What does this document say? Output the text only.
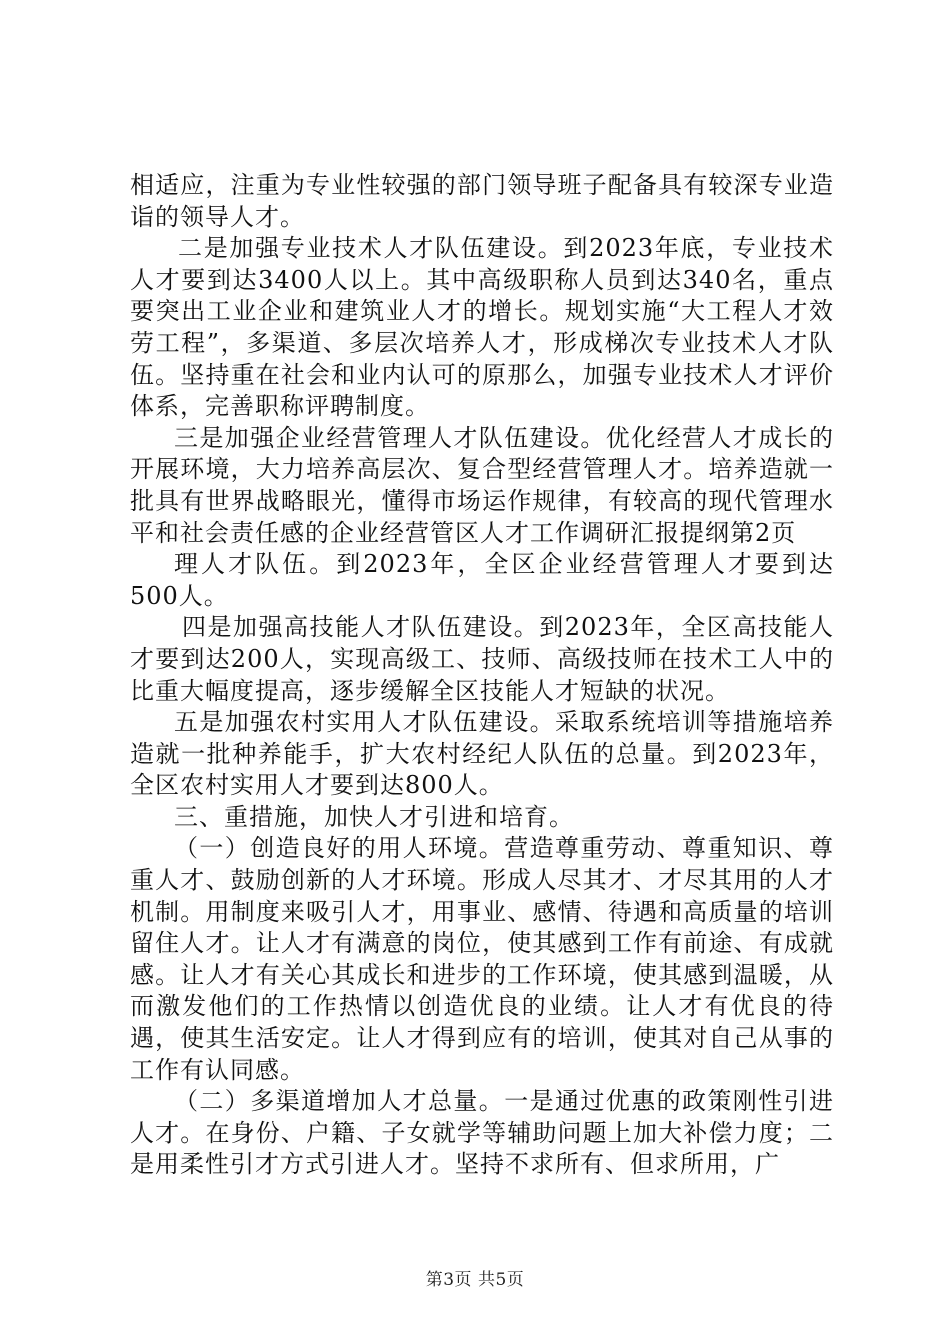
相适应，注重为专业性较强的部门领导班子配备具有较深专业造诣的领导人才。

二是加强专业技术人才队伍建设。到2023年底，专业技术人才要到达3400人以上。其中高级职称人员到达340名，重点要突出工业企业和建筑业人才的增长。规划实施“大工程人才效劳工程”，多渠道、多层次培养人才，形成梯次专业技术人才队伍。坚持重在社会和业内认可的原那么，加强专业技术人才评价体系，完善职称评聘制度。

三是加强企业经营管理人才队伍建设。优化经营人才成长的开展环境，大力培养高层次、复合型经营管理人才。培养造就一批具有世界战略眼光，懂得市场运作规律，有较高的现代管理水平和社会责任感的企业经营管区人才工作调研汇报提纲第2页

理人才队伍。到2023年，全区企业经营管理人才要到达500人。

四是加强高技能人才队伍建设。到2023年，全区高技能人才要到达200人，实现高级工、技师、高级技师在技术工人中的比重大幅度提高，逐步缓解全区技能人才短缺的状况。

五是加强农村实用人才队伍建设。采取系统培训等措施培养造就一批种养能手，扩大农村经纪人队伍的总量。到2023年，全区农村实用人才要到达800人。

三、重措施，加快人才引进和培育。

（一）创造良好的用人环境。营造尊重劳动、尊重知识、尊重人才、鼓励创新的人才环境。形成人尽其才、才尽其用的人才机制。用制度来吸引人才，用事业、感情、待遇和高质量的培训留住人才。让人才有满意的岗位，使其感到工作有前途、有成就感。让人才有关心其成长和进步的工作环境，使其感到温暖，从而激发他们的工作热情以创造优良的业绩。让人才有优良的待遇，使其生活安定。让人才得到应有的培训，使其对自己从事的工作有认同感。

（二）多渠道增加人才总量。一是通过优惠的政策刚性引进人才。在身份、户籍、子女就学等辅助问题上加大补偿力度；二是用柔性引才方式引进人才。坚持不求所有、但求所用，广

第3页 共5页
